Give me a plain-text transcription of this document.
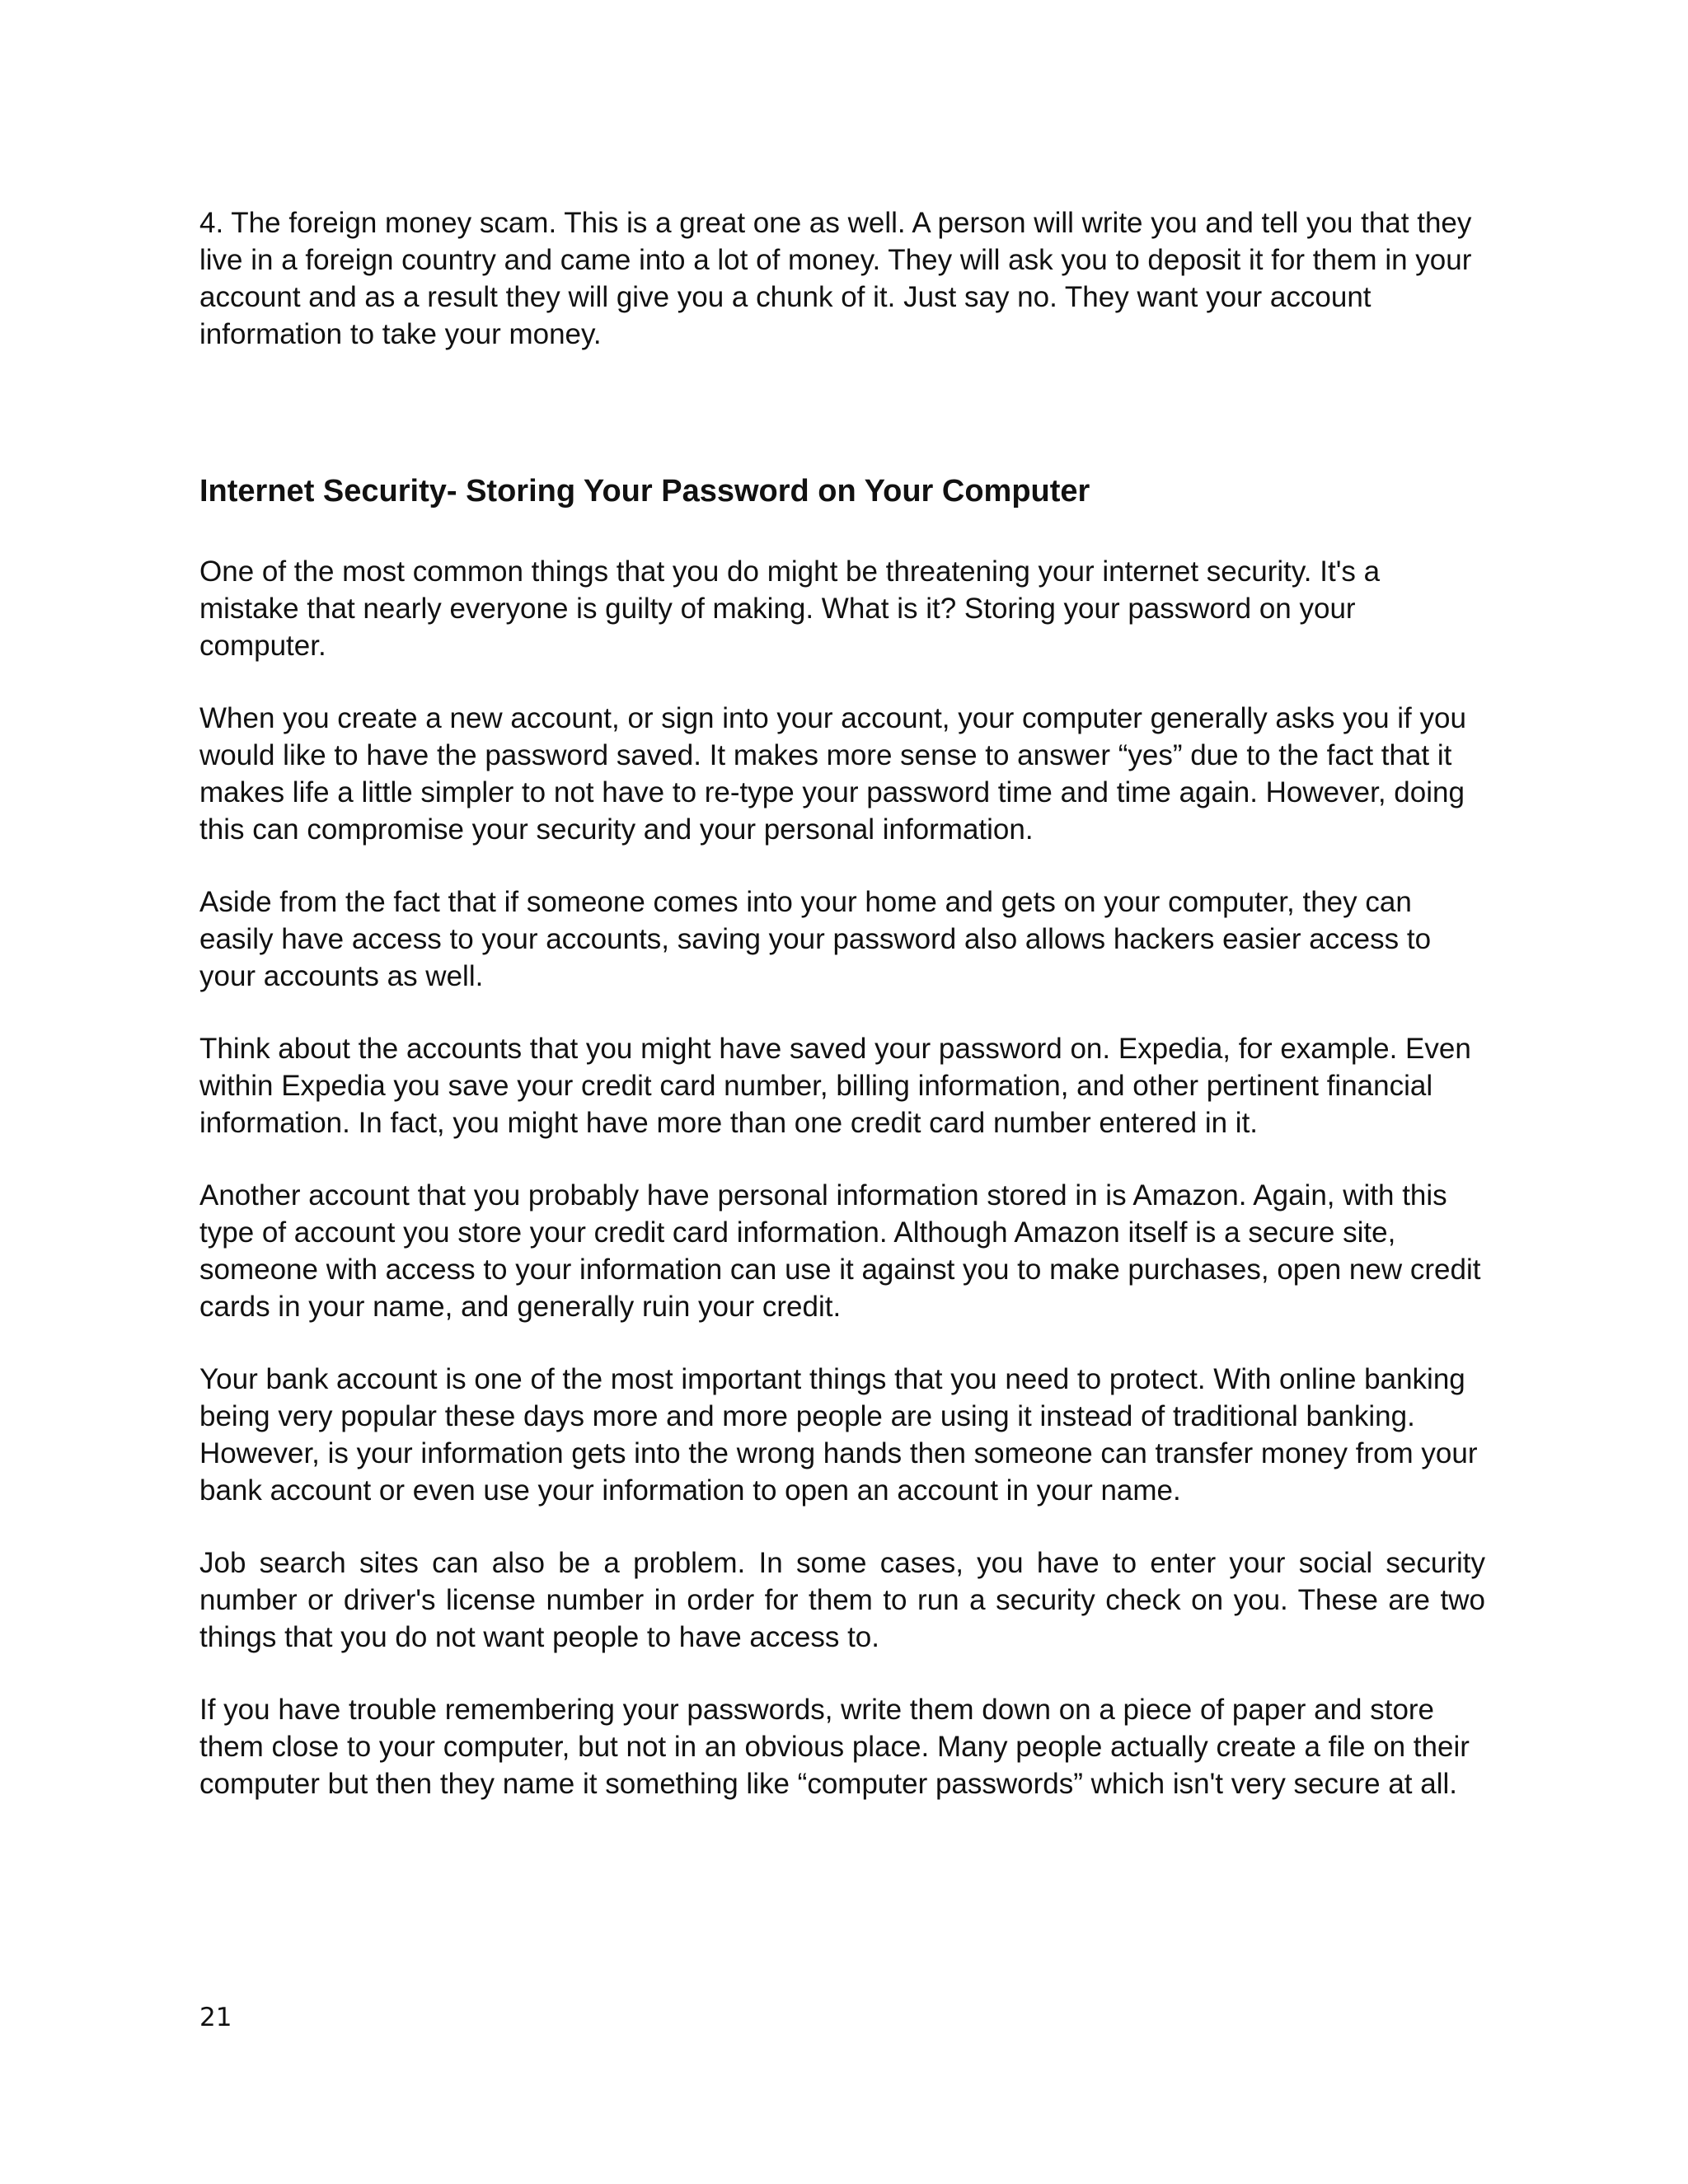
4. The foreign money scam. This is a great one as well. A person will write you and tell you that they live in a foreign country and came into a lot of money. They will ask you to deposit it for them in your account and as a result they will give you a chunk of it. Just say no. They want your account information to take your money.

Internet Security- Storing Your Password on Your Computer

One of the most common things that you do might be threatening your internet security. It's a mistake that nearly everyone is guilty of making. What is it? Storing your password on your computer.

When you create a new account, or sign into your account, your computer generally asks you if you would like to have the password saved. It makes more sense to answer “yes” due to the fact that it makes life a little simpler to not have to re-type your password time and time again. However, doing this can compromise your security and your personal information.

Aside from the fact that if someone comes into your home and gets on your computer, they can easily have access to your accounts, saving your password also allows hackers easier access to your accounts as well.

Think about the accounts that you might have saved your password on. Expedia, for example. Even within Expedia you save your credit card number, billing information, and other pertinent financial information. In fact, you might have more than one credit card number entered in it.

Another account that you probably have personal information stored in is Amazon. Again, with this type of account you store your credit card information. Although Amazon itself is a secure site, someone with access to your information can use it against you to make purchases, open new credit cards in your name, and generally ruin your credit.

Your bank account is one of the most important things that you need to protect. With online banking being very popular these days more and more people are using it instead of traditional banking. However, is your information gets into the wrong hands then someone can transfer money from your bank account or even use your information to open an account in your name.

Job search sites can also be a problem. In some cases, you have to enter your social security number or driver's license number in order for them to run a security check on you. These are two things that you do not want people to have access to.

If you have trouble remembering your passwords, write them down on a piece of paper and store them close to your computer, but not in an obvious place. Many people actually create a file on their computer but then they name it something like “computer passwords” which isn't very secure at all.

21
